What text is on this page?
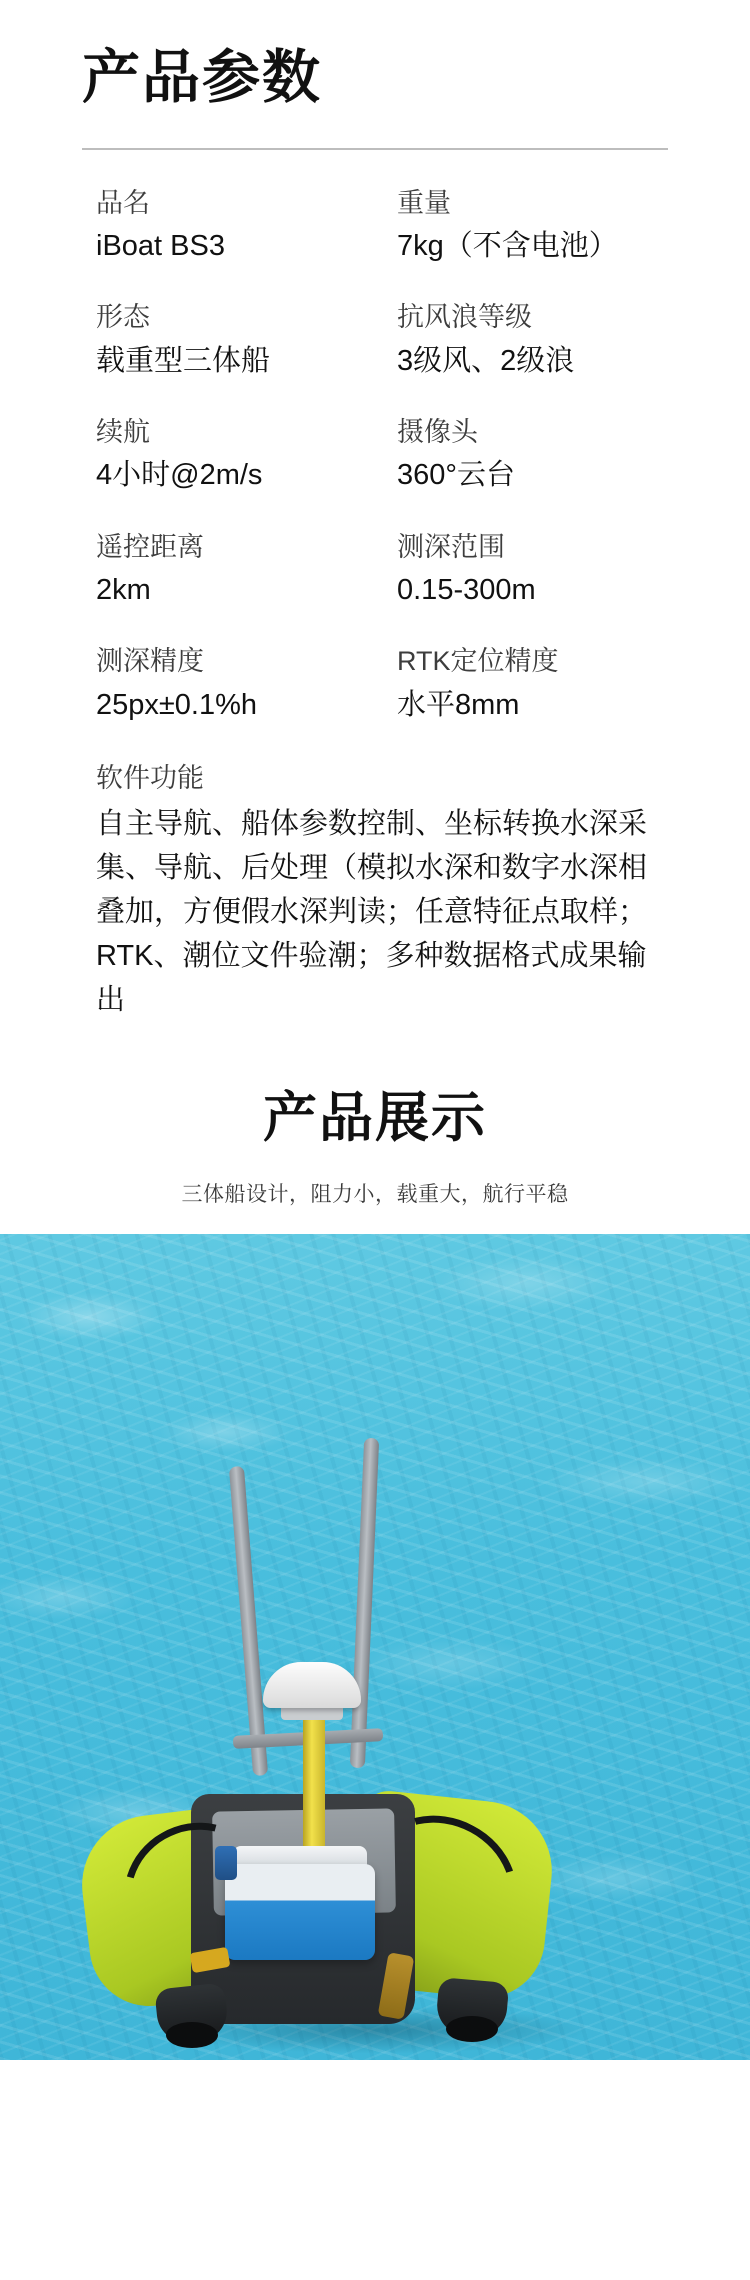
产品参数
品名
iBoat BS3
重量
7kg（不含电池）
形态
载重型三体船
抗风浪等级
3级风、2级浪
续航
4小时@2m/s
摄像头
360°云台
遥控距离
2km
测深范围
0.15-300m
测深精度
25px±0.1%h
RTK定位精度
水平8mm
软件功能
自主导航、船体参数控制、坐标转换水深采集、导航、后处理（模拟水深和数字水深相叠加，方便假水深判读；任意特征点取样；RTK、潮位文件验潮；多种数据格式成果输出
产品展示
三体船设计，阻力小，载重大，航行平稳
